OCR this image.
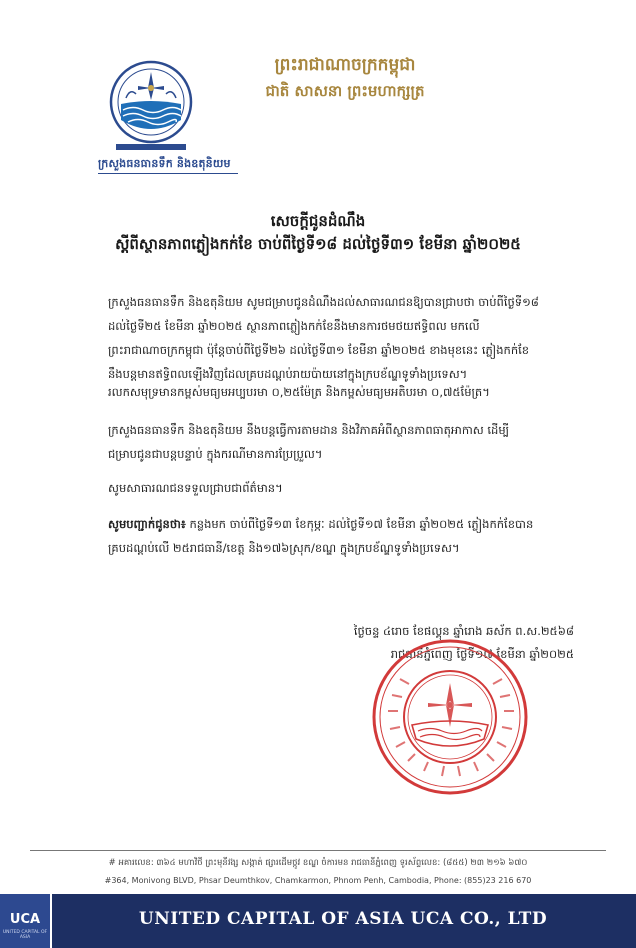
ក្រសួងធនធានទឹក និងឧតុនិយម
ព្រះរាជាណាចក្រកម្ពុជា
ជាតិ សាសនា ព្រះមហាក្សត្រ
សេចក្តីជូនដំណឹង
ស្តីពីស្ថានភាពភ្លៀងកក់ខែ ចាប់ពីថ្ងៃទី១៨ ដល់ថ្ងៃទី៣១ ខែមីនា ឆ្នាំ២០២៥
ក្រសួងធនធានទឹក និងឧតុនិយម សូមជម្រាបជូនដំណឹងដល់សាធារណជនឱ្យបានជ្រាបថា ចាប់ពីថ្ងៃទី១៨ ដល់ថ្ងៃទី២៥ ខែមីនា ឆ្នាំ២០២៥ ស្ថានភាពភ្លៀងកក់ខែនឹងមានការថមថយឥទ្ធិពល មកលើព្រះរាជាណាចក្រកម្ពុជា ប៉ុន្តែចាប់ពីថ្ងៃទី២៦ ដល់ថ្ងៃទី៣១ ខែមីនា ឆ្នាំ២០២៥ ខាងមុខនេះ ភ្លៀងកក់ខែនឹងបន្តមានឥទ្ធិពលឡើងវិញដែលគ្របដណ្តប់រាយប៉ាយនៅក្នុងក្របខ័ណ្ឌទូទាំងប្រទេស។
រលកសមុទ្រមានកម្ពស់មធ្យមអប្បបរមា ០,២៥ម៉ែត្រ និងកម្ពស់មធ្យមអតិបរមា ០,៧៥ម៉ែត្រ។
ក្រសួងធនធានទឹក និងឧតុនិយម នឹងបន្តធ្វើការតាមដាន និងវិភាគអំពីស្ថានភាពធាតុអាកាស ដើម្បីជម្រាបជូនជាបន្តបន្ទាប់ ក្នុងករណីមានការប្រែប្រួល។
សូមសាធារណជនទទួលជ្រាបជាព័ត៌មាន។
សូមបញ្ជាក់ជូនថា៖ កន្លងមក ចាប់ពីថ្ងៃទី១៣ ខែកុម្ភៈ ដល់ថ្ងៃទី១៧ ខែមីនា ឆ្នាំ២០២៥ ភ្លៀងកក់ខែបានគ្របដណ្តប់លើ ២៥រាជធានី/ខេត្ត និង១៧៦ស្រុក/ខណ្ឌ ក្នុងក្របខ័ណ្ឌទូទាំងប្រទេស។
ថ្ងៃចន្ទ ៤រោច ខែផល្គុន ឆ្នាំរោង ឆស័ក ព.ស.២៥៦៨
រាជធានីភ្នំពេញ ថ្ងៃទី១៧ ខែមីនា ឆ្នាំ២០២៥
# អគារលេខ: ៣៦៤ មហាវិថី ព្រះមុនីវង្ស សង្កាត់ ផ្សារដើមថ្កូវ ខណ្ឌ ចំការមន រាជធានីភ្នំពេញ ទូរស័ព្ទលេខ: (៨៥៥) ២៣ ២១៦ ៦៧០
#364, Monivong BLVD, Phsar Deumthkov, Chamkarmon, Phnom Penh, Cambodia, Phone: (855)23 216 670
UCA
UNITED CAPITAL OF ASIA
UNITED CAPITAL OF ASIA UCA CO., LTD
